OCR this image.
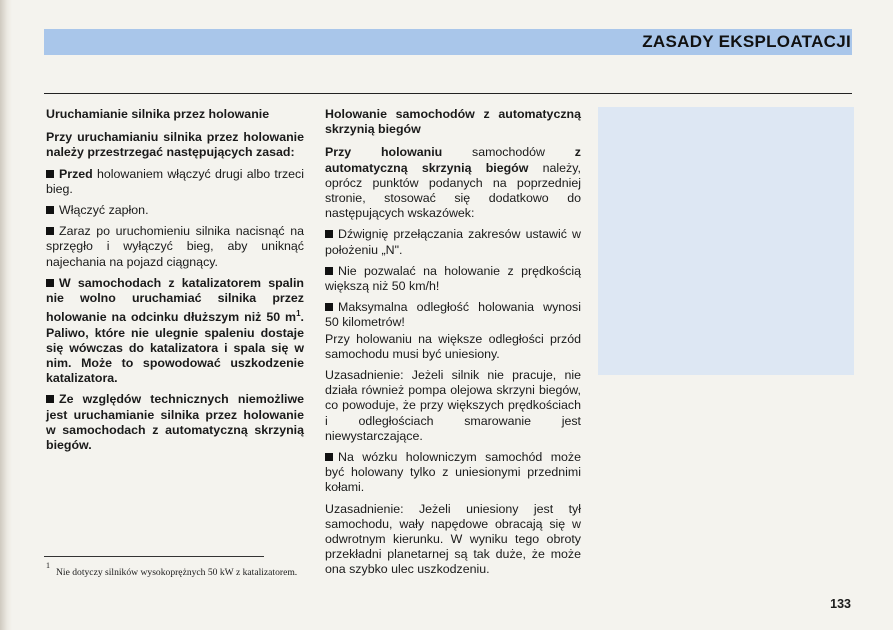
ZASADY EKSPLOATACJI

Uruchamianie silnika przez holowanie

Przy uruchamianiu silnika przez holowanie należy przestrzegać następujących zasad:

Przed holowaniem włączyć drugi albo trzeci bieg.

Włączyć zapłon.

Zaraz po uruchomieniu silnika nacisnąć na sprzęgło i wyłączyć bieg, aby uniknąć najechania na pojazd ciągnący.

W samochodach z katalizatorem spalin nie wolno uruchamiać silnika przez holowanie na odcinku dłuższym niż 50 $m^1$. Paliwo, które nie ulegnie spaleniu dostaje się wówczas do katalizatora i spala się w nim. Może to spowodować uszkodzenie katalizatora.

Ze względów technicznych niemożliwe jest uruchamianie silnika przez holowanie w samochodach z automatyczną skrzynią biegów.

Holowanie samochodów z automatyczną skrzynią biegów

Przy holowaniu samochodów z automatyczną skrzynią biegów należy, oprócz punktów podanych na poprzedniej stronie, stosować się dodatkowo do następujących wskazówek:

Dźwignię przełączania zakresów ustawić w położeniu „N".

Nie pozwalać na holowanie z prędkością większą niż 50 km/h!

Maksymalna odległość holowania wynosi 50 kilometrów!

Przy holowaniu na większe odległości przód samochodu musi być uniesiony.

Uzasadnienie: Jeżeli silnik nie pracuje, nie działa również pompa olejowa skrzyni biegów, co powoduje, że przy większych prędkościach i odległościach smarowanie jest niewystarczające.

Na wózku holowniczym samochód może być holowany tylko z uniesionymi przednimi kołami.

Uzasadnienie: Jeżeli uniesiony jest tył samochodu, wały napędowe obracają się w odwrotnym kierunku. W wyniku tego obroty przekładni planetarnej są tak duże, że może ona szybko ulec uszkodzeniu.

$^1$Nie dotyczy silników wysokoprężnych 50 kW z katalizatorem.
133
